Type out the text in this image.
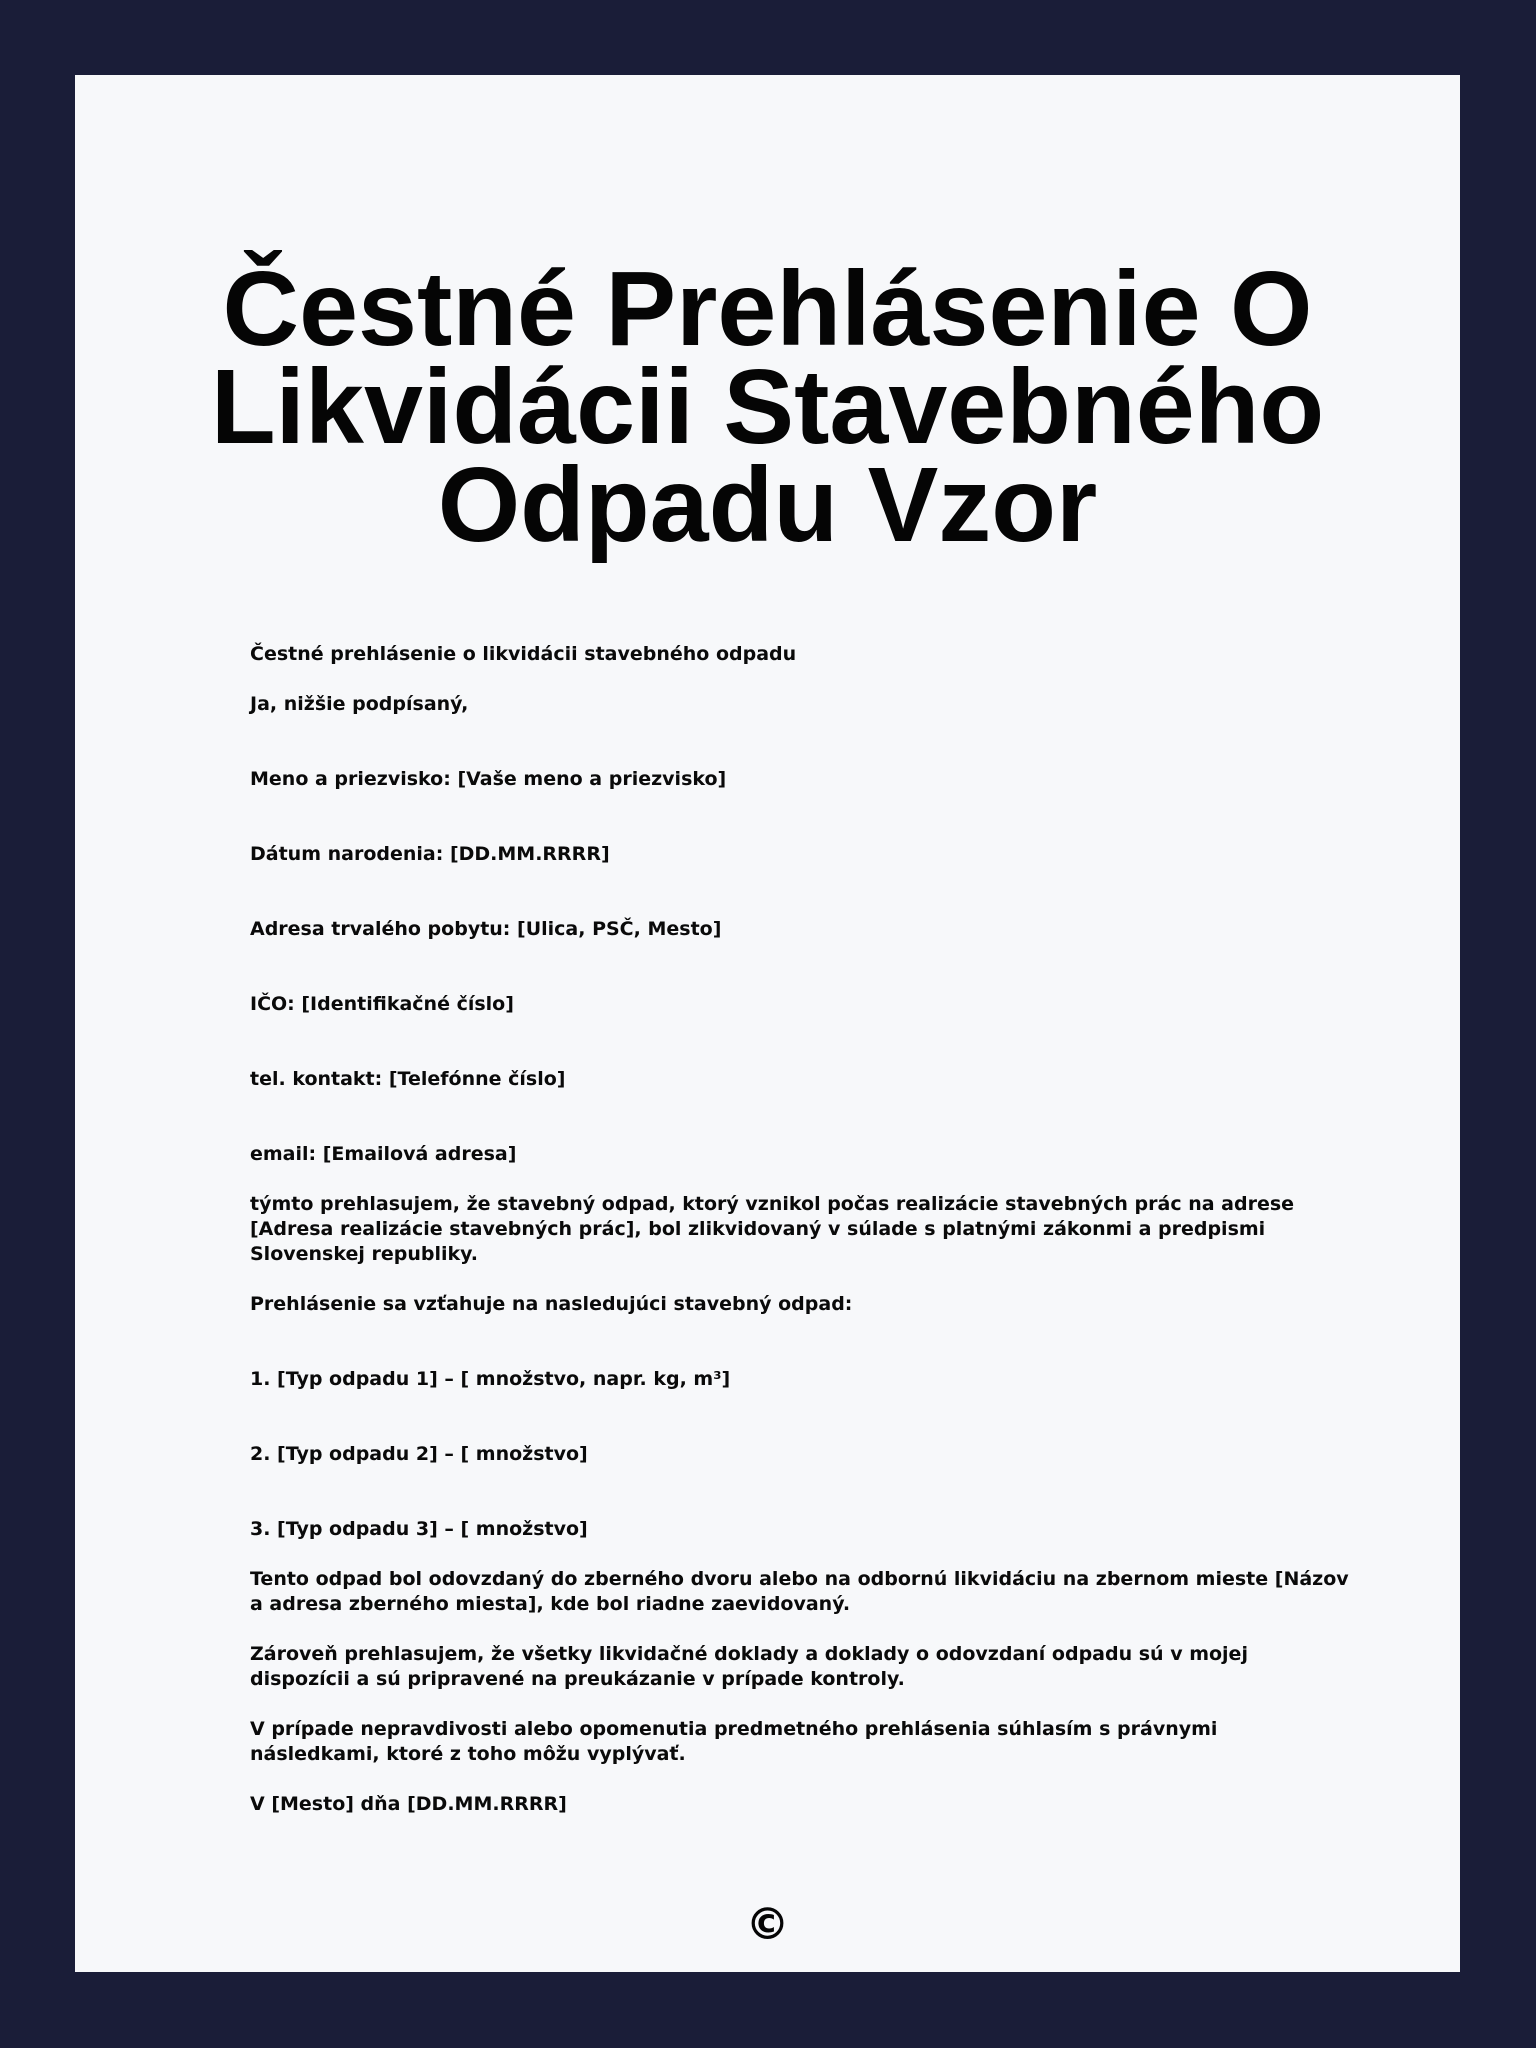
Čestné Prehlásenie O Likvidácii Stavebného Odpadu Vzor

Čestné prehlásenie o likvidácii stavebného odpadu

Ja, nižšie podpísaný,

Meno a priezvisko: [Vaše meno a priezvisko]

Dátum narodenia: [DD.MM.RRRR]

Adresa trvalého pobytu: [Ulica, PSČ, Mesto]

IČO: [Identifikačné číslo]

tel. kontakt: [Telefónne číslo]

email: [Emailová adresa]

týmto prehlasujem, že stavebný odpad, ktorý vznikol počas realizácie stavebných prác na adrese [Adresa realizácie stavebných prác], bol zlikvidovaný v súlade s platnými zákonmi a predpismi Slovenskej republiky.

Prehlásenie sa vzťahuje na nasledujúci stavebný odpad:

1. [Typ odpadu 1] – [ množstvo, napr. kg, m³]

2. [Typ odpadu 2] – [ množstvo]

3. [Typ odpadu 3] – [ množstvo]

Tento odpad bol odovzdaný do zberného dvoru alebo na odbornú likvidáciu na zbernom mieste [Názov a adresa zberného miesta], kde bol riadne zaevidovaný.

Zároveň prehlasujem, že všetky likvidačné doklady a doklady o odovzdaní odpadu sú v mojej dispozícii a sú pripravené na preukázanie v prípade kontroly.

V prípade nepravdivosti alebo opomenutia predmetného prehlásenia súhlasím s právnymi následkami, ktoré z toho môžu vyplývať.

V [Mesto] dňa [DD.MM.RRRR]

©
